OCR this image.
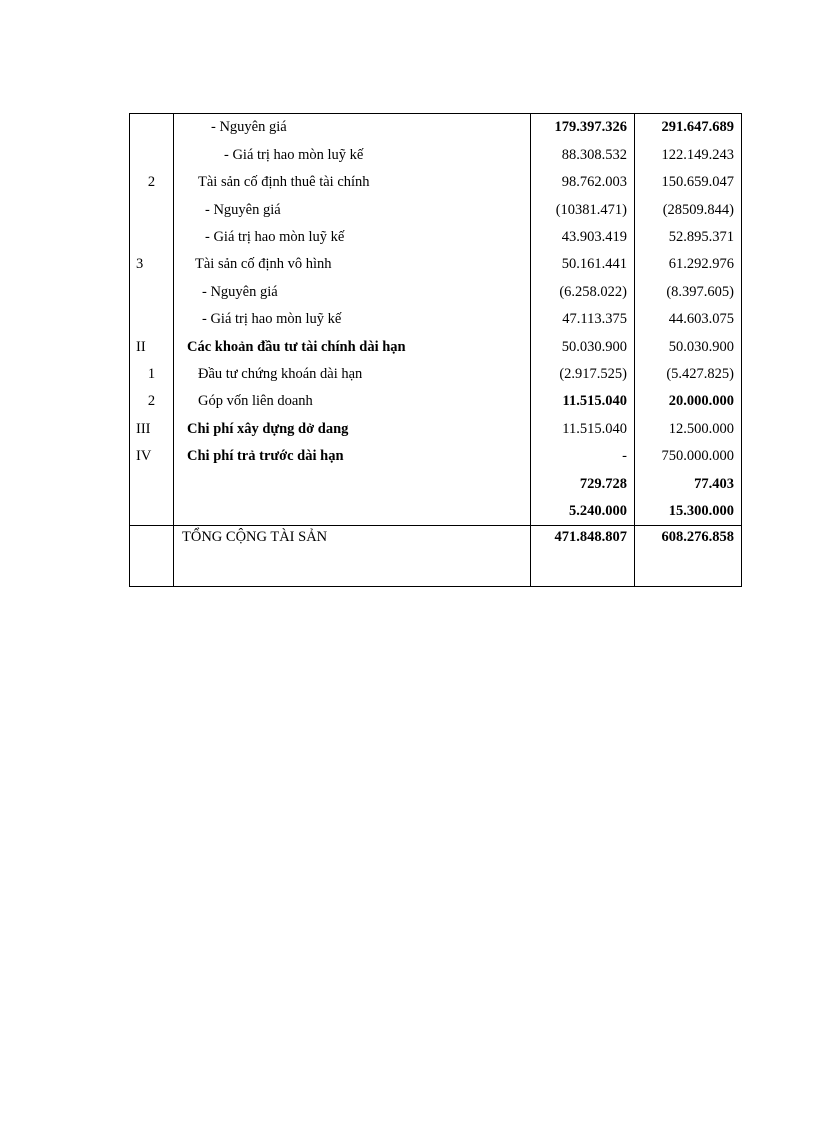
	- Nguyên giá	179.397.326	291.647.689
	- Giá trị hao mòn luỹ kế	88.308.532	122.149.243
2	Tài sản cố định thuê tài chính	98.762.003	150.659.047
	- Nguyên giá	(10381.471)	(28509.844)
	- Giá trị hao mòn luỹ kế	43.903.419	52.895.371
3	Tài sản cố định vô hình	50.161.441	61.292.976
	- Nguyên giá	(6.258.022)	(8.397.605)
	- Giá trị hao mòn luỹ kế	47.113.375	44.603.075
II	Các khoản đầu tư tài chính dài hạn	50.030.900	50.030.900
1	Đầu tư chứng khoán dài hạn	(2.917.525)	(5.427.825)
2	Góp vốn liên doanh	11.515.040	20.000.000
III	Chi phí xây dựng dở dang	11.515.040	12.500.000
IV	Chi phí trả trước dài hạn	-	750.000.000
		729.728	77.403
		5.240.000	15.300.000
	TỔNG CỘNG TÀI SẢN	471.848.807	608.276.858
